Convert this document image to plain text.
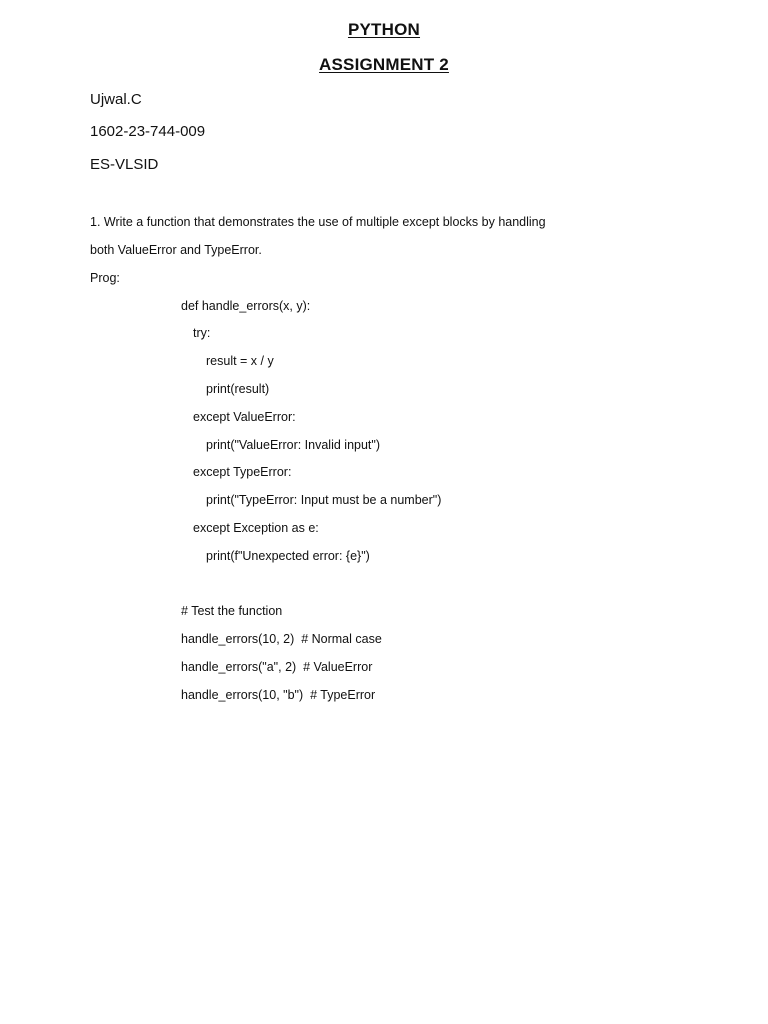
PYTHON
ASSIGNMENT 2
Ujwal.C
1602-23-744-009
ES-VLSID
1. Write a function that demonstrates the use of multiple except blocks by handling
both ValueError and TypeError.
Prog:
def handle_errors(x, y):
try:
result = x / y
print(result)
except ValueError:
print("ValueError: Invalid input")
except TypeError:
print("TypeError: Input must be a number")
except Exception as e:
print(f"Unexpected error: {e}")
# Test the function
handle_errors(10, 2)  # Normal case
handle_errors("a", 2)  # ValueError
handle_errors(10, "b")  # TypeError
